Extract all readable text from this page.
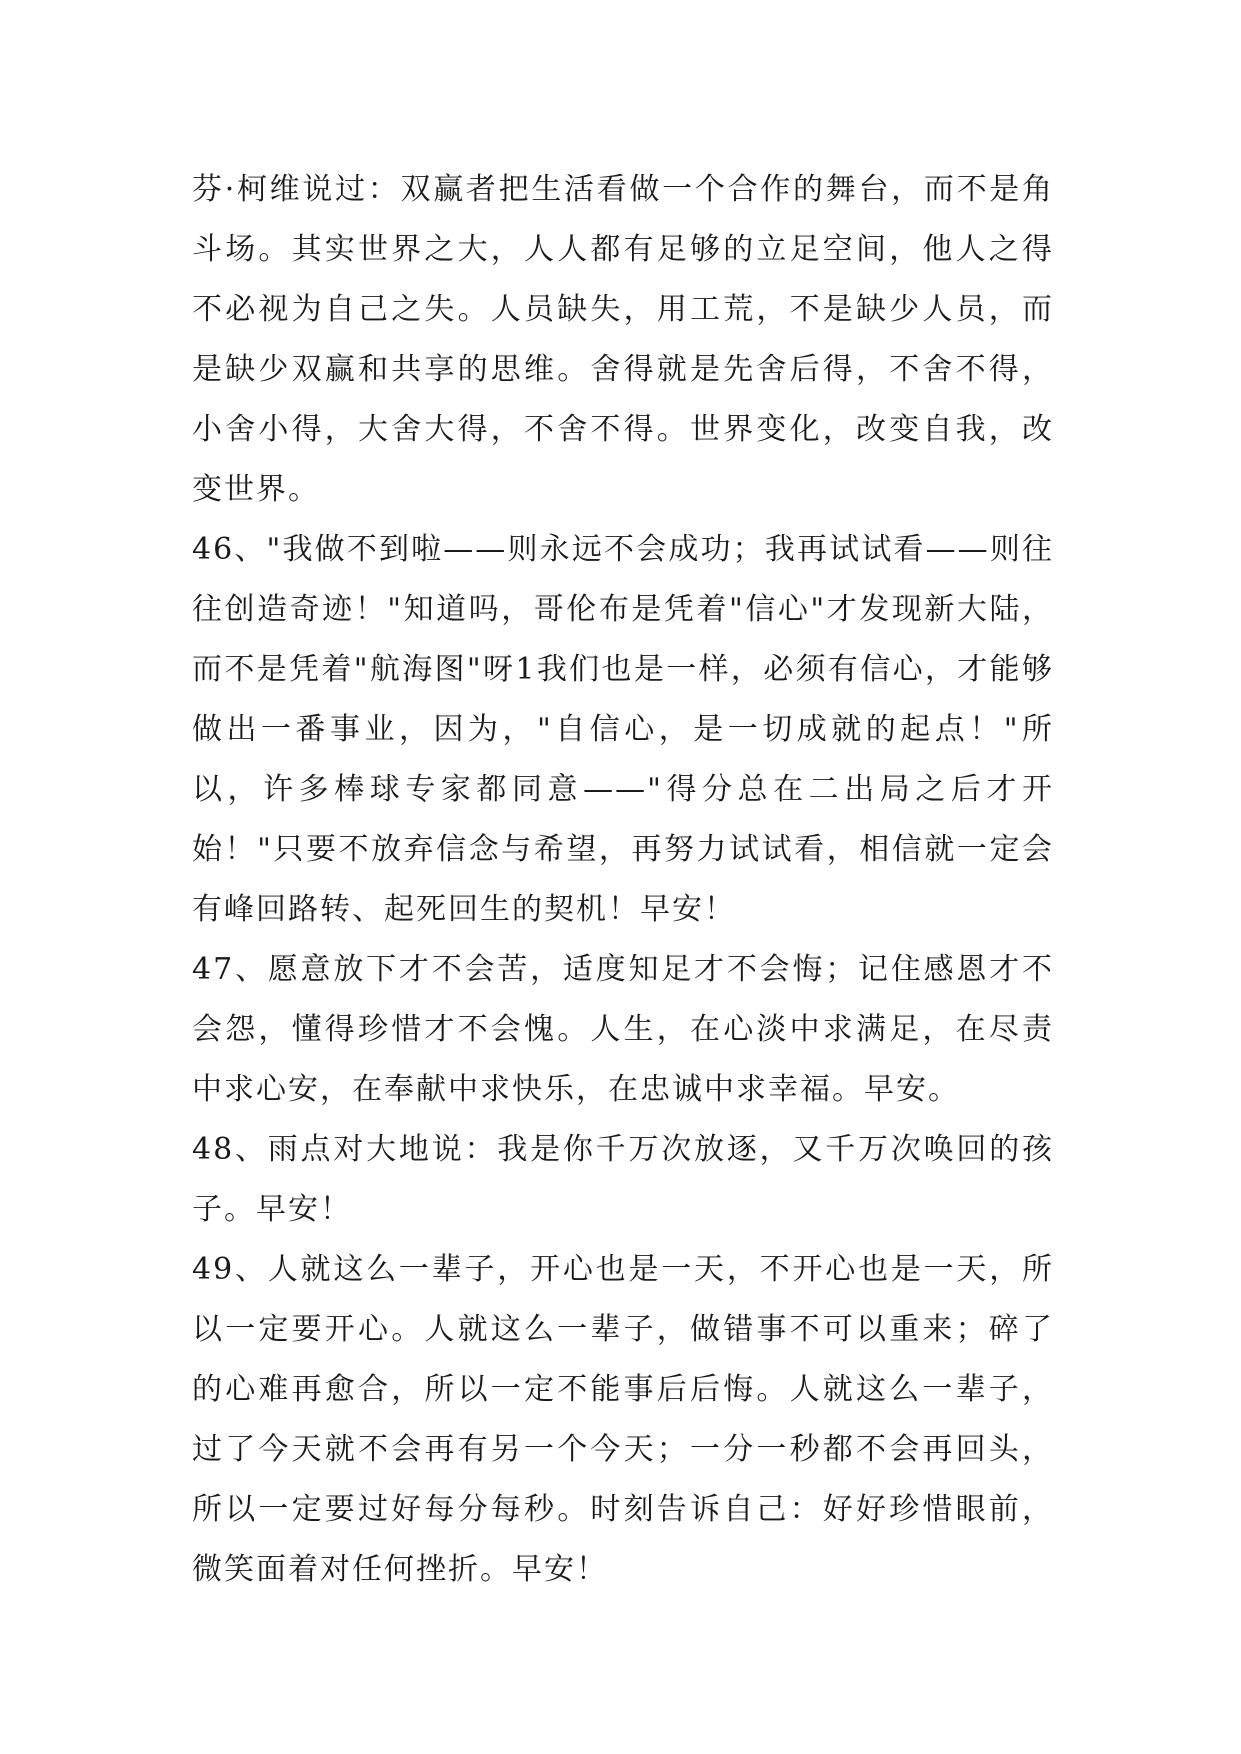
芬·柯维说过：双赢者把生活看做一个合作的舞台，而不是角斗场。其实世界之大，人人都有足够的立足空间，他人之得不必视为自己之失。人员缺失，用工荒，不是缺少人员，而是缺少双赢和共享的思维。舍得就是先舍后得，不舍不得，小舍小得，大舍大得，不舍不得。世界变化，改变自我，改变世界。

46、"我做不到啦——则永远不会成功；我再试试看——则往往创造奇迹！"知道吗，哥伦布是凭着"信心"才发现新大陆，而不是凭着"航海图"呀1我们也是一样，必须有信心，才能够做出一番事业，因为，"自信心，是一切成就的起点！"所以，许多棒球专家都同意——"得分总在二出局之后才开始！"只要不放弃信念与希望，再努力试试看，相信就一定会有峰回路转、起死回生的契机！早安！

47、愿意放下才不会苦，适度知足才不会悔；记住感恩才不会怨，懂得珍惜才不会愧。人生，在心淡中求满足，在尽责中求心安，在奉献中求快乐，在忠诚中求幸福。早安。

48、雨点对大地说：我是你千万次放逐，又千万次唤回的孩子。早安！

49、人就这么一辈子，开心也是一天，不开心也是一天，所以一定要开心。人就这么一辈子，做错事不可以重来；碎了的心难再愈合，所以一定不能事后后悔。人就这么一辈子，过了今天就不会再有另一个今天；一分一秒都不会再回头，所以一定要过好每分每秒。时刻告诉自己：好好珍惜眼前，微笑面着对任何挫折。早安！
